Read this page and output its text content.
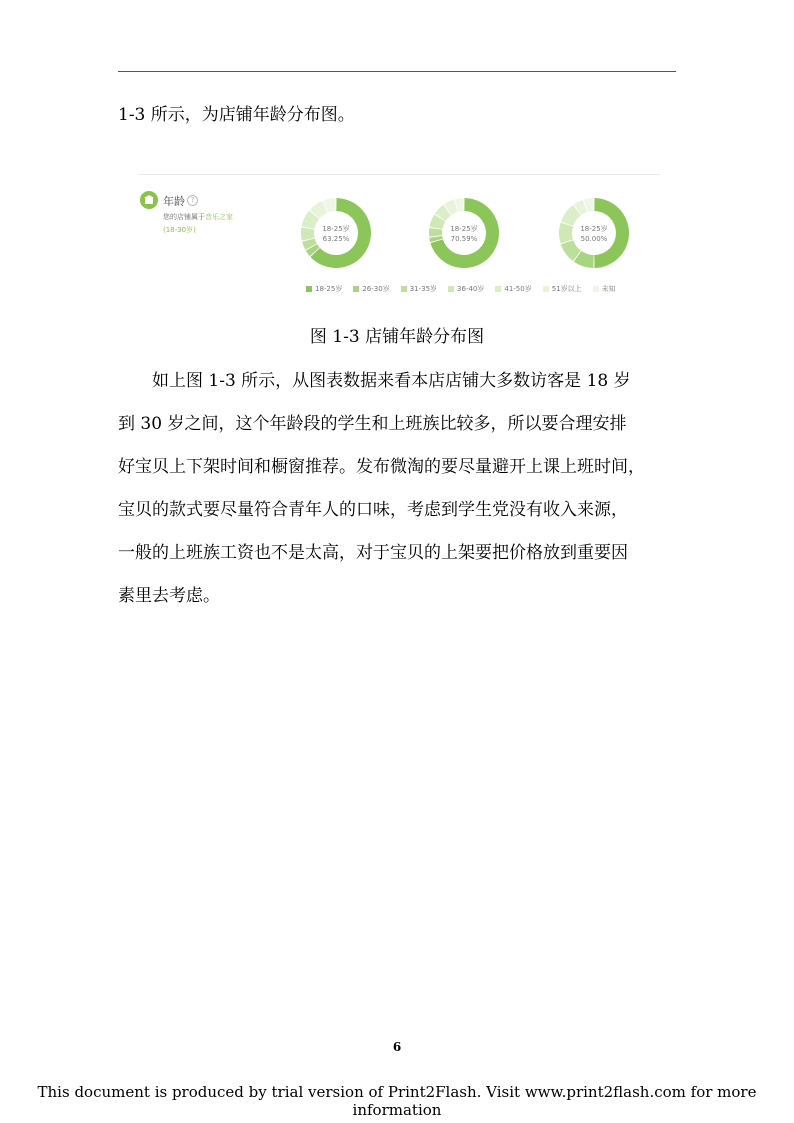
1-3 所示，为店铺年龄分布图。
年龄 ?
您的店铺属于音乐之家
(18-30岁)	18-25岁
63.25%
18-25岁
70.59%
18-25岁
50.00%
18-25岁	26-30岁	31-35岁	36-40岁	41-50岁	51岁以上	未知
图 1-3 店铺年龄分布图
　　如上图 1-3 所示，从图表数据来看本店店铺大多数访客是 18 岁
到 30 岁之间，这个年龄段的学生和上班族比较多，所以要合理安排
好宝贝上下架时间和橱窗推荐。发布微淘的要尽量避开上课上班时间，
宝贝的款式要尽量符合青年人的口味，考虑到学生党没有收入来源，
一般的上班族工资也不是太高，对于宝贝的上架要把价格放到重要因
素里去考虑。
6
This document is produced by trial version of Print2Flash. Visit www.print2flash.com for more information
